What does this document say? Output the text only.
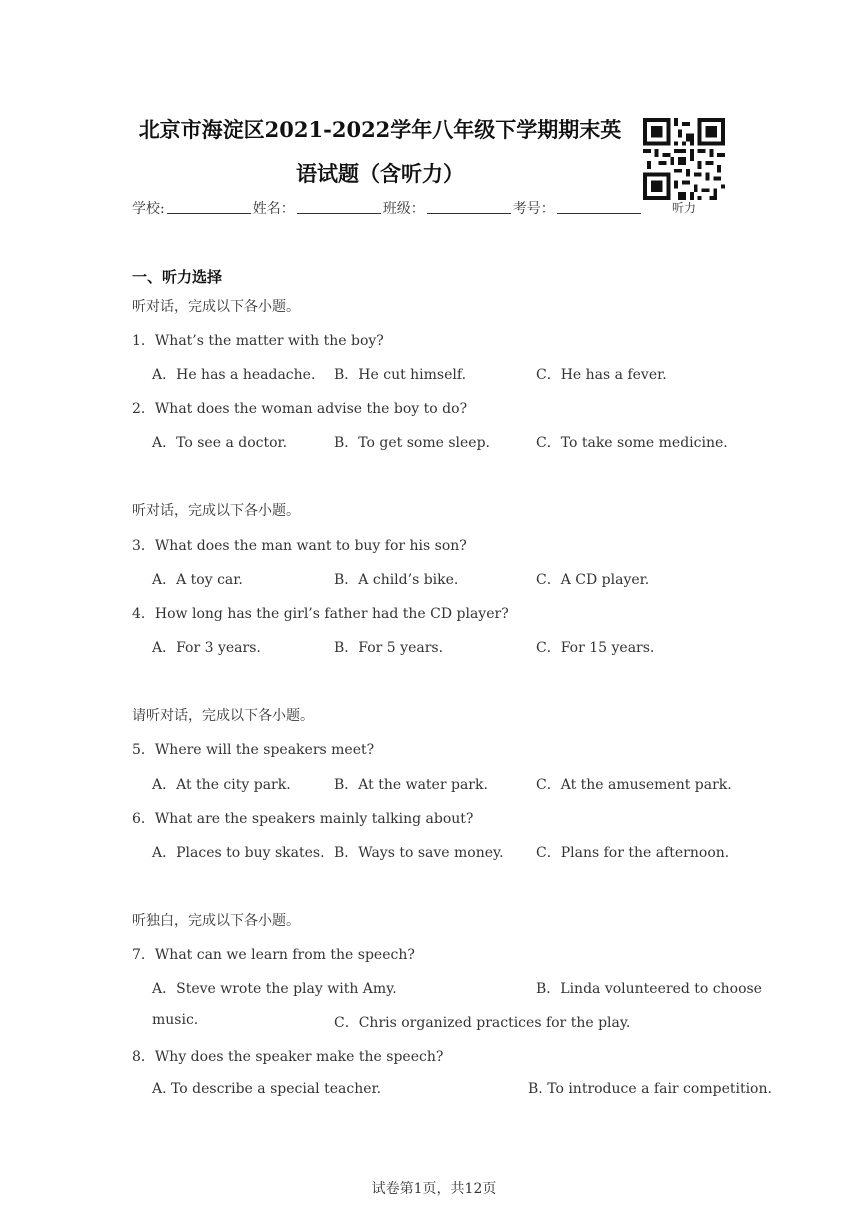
北京市海淀区2021-2022学年八年级下学期期末英
语试题（含听力）
听力
学校:	姓名：	班级：	考号：
一、听力选择
听对话，完成以下各小题。
1．What’s the matter with the boy?
A．He has a headache. B．He cut himself.	C．He has a fever.
2．What does the woman advise the boy to do?
A．To see a doctor.	B．To get some sleep.	C．To take some medicine.
听对话，完成以下各小题。
3．What does the man want to buy for his son?
A．A toy car.	B．A child’s bike.	C．A CD player.
4．How long has the girl’s father had the CD player?
A．For 3 years.	B．For 5 years.	C．For 15 years.
请听对话，完成以下各小题。
5．Where will the speakers meet?
A．At the city park.	B．At the water park.	C．At the amusement park.
6．What are the speakers mainly talking about?
A．Places to buy skates. B．Ways to save money. C．Plans for the afternoon.
听独白，完成以下各小题。
7．What can we learn from the speech?
A．Steve wrote the play with Amy.	B．Linda volunteered to choose
music.	C．Chris organized practices for the play.
8．Why does the speaker make the speech?
A. To describe a special teacher.	B. To introduce a fair competition.
试卷第1页，共12页
